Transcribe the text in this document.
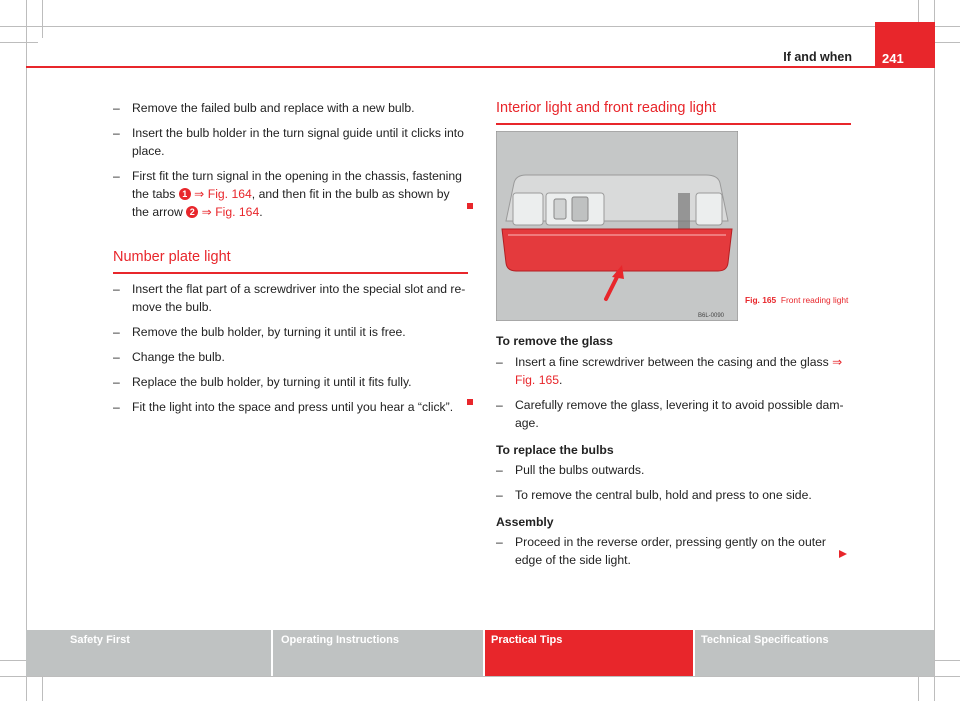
241
If and when

– Remove the failed bulb and replace with a new bulb.

– Insert the bulb holder in the turn signal guide until it clicks into place.

– First fit the turn signal in the opening in the chassis, fastening the tabs 1 ⇒ Fig. 164, and then fit in the bulb as shown by the arrow 2 ⇒ Fig. 164.

Number plate light

– Insert the flat part of a screwdriver into the special slot and re-move the bulb.

– Remove the bulb holder, by turning it until it is free.

– Change the bulb.

– Replace the bulb holder, by turning it until it fits fully.

– Fit the light into the space and press until you hear a “click”.

Interior light and front reading light
B6L-0090
Fig. 165 Front reading light
To remove the glass

– Insert a fine screwdriver between the casing and the glass ⇒ Fig. 165.

– Carefully remove the glass, levering it to avoid possible dam-age.

To replace the bulbs

– Pull the bulbs outwards.

– To remove the central bulb, hold and press to one side.

Assembly

– Proceed in the reverse order, pressing gently on the outer edge of the side light.

Safety First	Operating Instructions	Practical Tips	Technical Specifications
